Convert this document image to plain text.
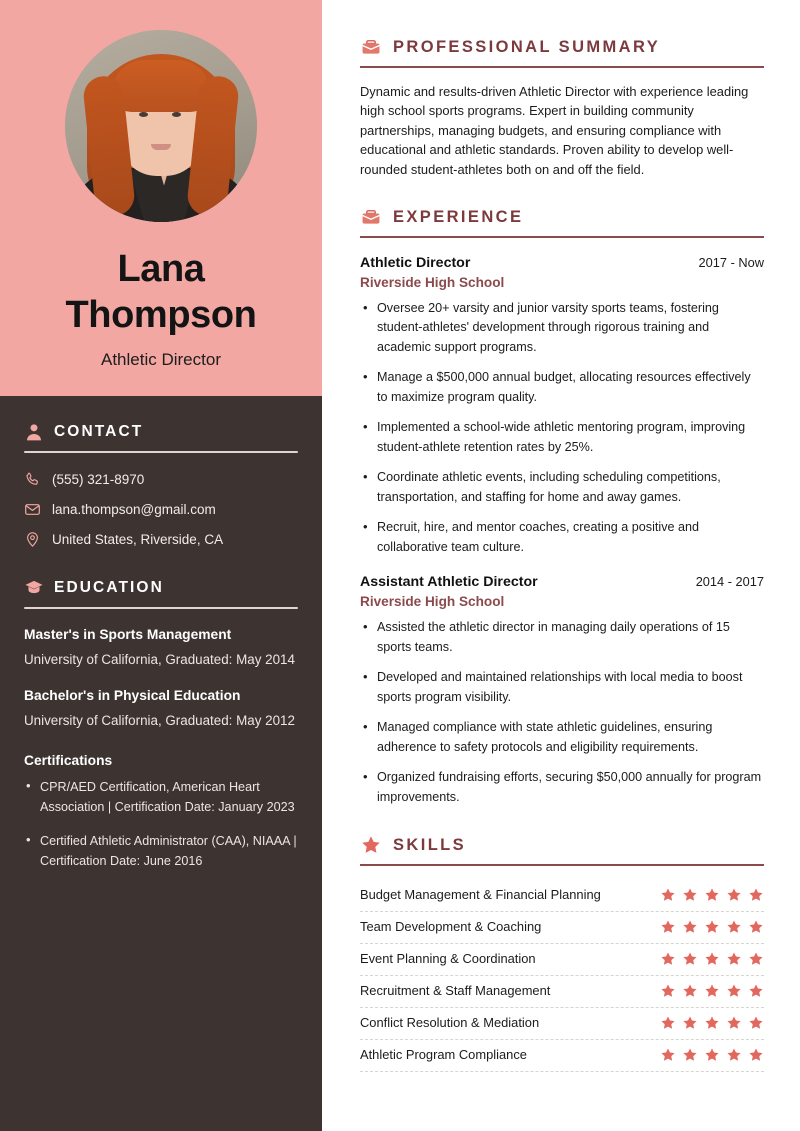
Lana
Thompson
Athletic Director
CONTACT
(555) 321-8970
lana.thompson@gmail.com
United States, Riverside, CA
EDUCATION
Master's in Sports Management
University of California, Graduated: May 2014
Bachelor's in Physical Education
University of California, Graduated: May 2012
Certifications
• CPR/AED Certification, American Heart Association | Certification Date: January 2023
• Certified Athletic Administrator (CAA), NIAAA | Certification Date: June 2016
PROFESSIONAL SUMMARY

Dynamic and results-driven Athletic Director with experience leading high school sports programs. Expert in building community partnerships, managing budgets, and ensuring compliance with educational and athletic standards. Proven ability to develop well-rounded student-athletes both on and off the field.

EXPERIENCE
Athletic Director	2017 - Now
Riverside High School
• Oversee 20+ varsity and junior varsity sports teams, fostering student-athletes' development through rigorous training and academic support programs.
• Manage a $500,000 annual budget, allocating resources effectively to maximize program quality.
• Implemented a school-wide athletic mentoring program, improving student-athlete retention rates by 25%.
• Coordinate athletic events, including scheduling competitions, transportation, and staffing for home and away games.
• Recruit, hire, and mentor coaches, creating a positive and collaborative team culture.
Assistant Athletic Director	2014 - 2017
Riverside High School
• Assisted the athletic director in managing daily operations of 15 sports teams.
• Developed and maintained relationships with local media to boost sports program visibility.
• Managed compliance with state athletic guidelines, ensuring adherence to safety protocols and eligibility requirements.
• Organized fundraising efforts, securing $50,000 annually for program improvements.
SKILLS
Budget Management & Financial Planning
Team Development & Coaching
Event Planning & Coordination
Recruitment & Staff Management
Conflict Resolution & Mediation
Athletic Program Compliance
